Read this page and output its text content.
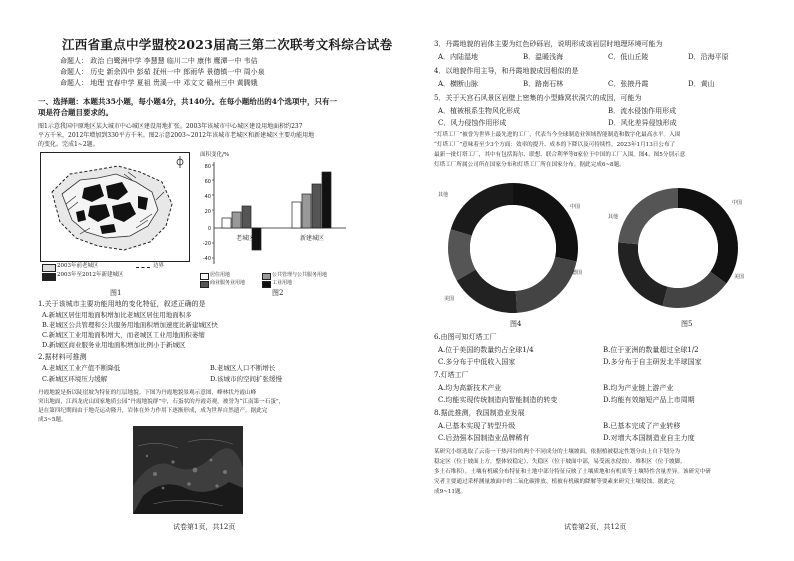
江西省重点中学盟校2023届高三第二次联考文科综合试卷
命题人： 政治 白鹭洲中学 李慧慧 临川二中 康伟 鹰潭一中 韦佶
命题人： 历史 新余四中 彭茹 抚州一中 郎雨华 景德镇一中 周小泉
命题人： 地理 宜春中学 夏祖 贵溪一中 邓文文 赣州三中 黄腾娥
一、选择题：本题共35小题，每小题4分，共140分。在每小题给出的4个选项中，只有一
项是符合题目要求的。
图1示意我国中原地区某大城市中心城区建设用地扩张。2003年该城市中心城区建设用地面积约237
平方千米，2012年增加到330平方千米。图2示意2003~2012年该城市老城区和新建城区主要功能用地
的变化。完成1~2题。
2003年前老城区	边界
2003年至2012年新建城区
图1
面积变化/%
80
60
40
20
0
-20
-40
老城区	新建城区
居住用地	公共管理与公共服务用地
商业服务业用地	工业用地
图2
1.关于该城市主要功能用地的变化特征，叙述正确的是
A.新城区居住用地面积增加比老城区居住用地面积多
B.老城区公共管理和公共服务用地面积增加速度比新建城区快
C.新城区工业用地面积增大，而老城区工业用地面积萎缩
D.新城区商业服务业用地面积增加比例小于新城区
2.据材料可推测
A.老城区工业产值不断降低	B.老城区人口不断增长
C.新城区环境压力缓解	D.该城市的空间扩张缓慢
丹霞地貌是指以陡崖坡为特征的红层地貌。下图为丹霞地貌景观示意图，峰林状丹霞山峰
突出地面，江西龙虎山国家地质公园“丹霞地貌群”中，石蛋状的丹霞奇观，被誉为“江南第一石蛋”，
是在第四纪期间由于地壳运动隆升，岩体在外力作用下逐渐形成，成为世界自然遗产。据此完
成3~5题。
试卷第1页，共12页
3．丹霞地貌的岩体主要为红色砂砾岩，说明形成该岩层时地理环境可能为
A．内陆湿地	B．温暖浅海	C．低山丘陵	D．沿海平原
4．以地貌作用主导，和丹霞地貌成因相似的是
A．横断山脉	B．路南石林	C．张掖丹霞	D．黄山
5．关于天宫石风景区岩壁上密集的小型蜂窝状洞穴的成因，可能为
A．植被根系生物风化形成	B．流水侵蚀作用形成
C．风力侵蚀作用形成	D．风化差异侵蚀形成
“灯塔工厂”被誉为世界上最先进的工厂，代表当今全球制造业领域智能制造和数字化最高水平。入围
“灯塔工厂”意味着至少3个方面：效率的提升、成本的下降以及可持续性，2023年1月13日公布了
最新一批灯塔工厂，其中有包括海尔、联想、联合利华等8家位于中国的工厂入围。图4、图5分别示意
灯塔工厂所属公司所在国家分布和灯塔工厂所在国家分布。据此完成6~8题。
其他
中国
德国
美国
图4
中国
美国
其他
图5
6.由图可知灯塔工厂
A.位于美国的数量约占全球1/4	B.位于亚洲的数量超过全球1/2
C.多分布于中低收入国家	D.多分布于自主研发北半球国家
7.灯塔工厂
A.均为高新技术产业	B.均为产业链上游产业
C.均能实现传统制造向智能制造的转变	D.均能有效缩短产品上市周期
8.据此推测，我国制造业发展
A.已基本实现了转型升级	B.已基本完成了产业转移
C.后劲强本国制造业品牌稀有	D.对增大本国制造业自主力度
某研究小组选取了云南一干热河谷的两个不同成分的土壤坡面，依据植被稳定性划分由上自下划分为
稳定区（位于坡面上方，整体较稳定）、失稳区（位于坡面中部，易受流水侵蚀）、堆积区（位于坡脚，
多土石堆积）。土壤有机碳分布特征和土地中部分特征反映了土壤质地和有机质等土壤特性含量差异。该研究中研
究者主要通过采样测量坡面中的二氧化碳排放、植被有机碳的降解等要素来研究土壤侵蚀，据此完
成9~11题。
试卷第2页，共12页
